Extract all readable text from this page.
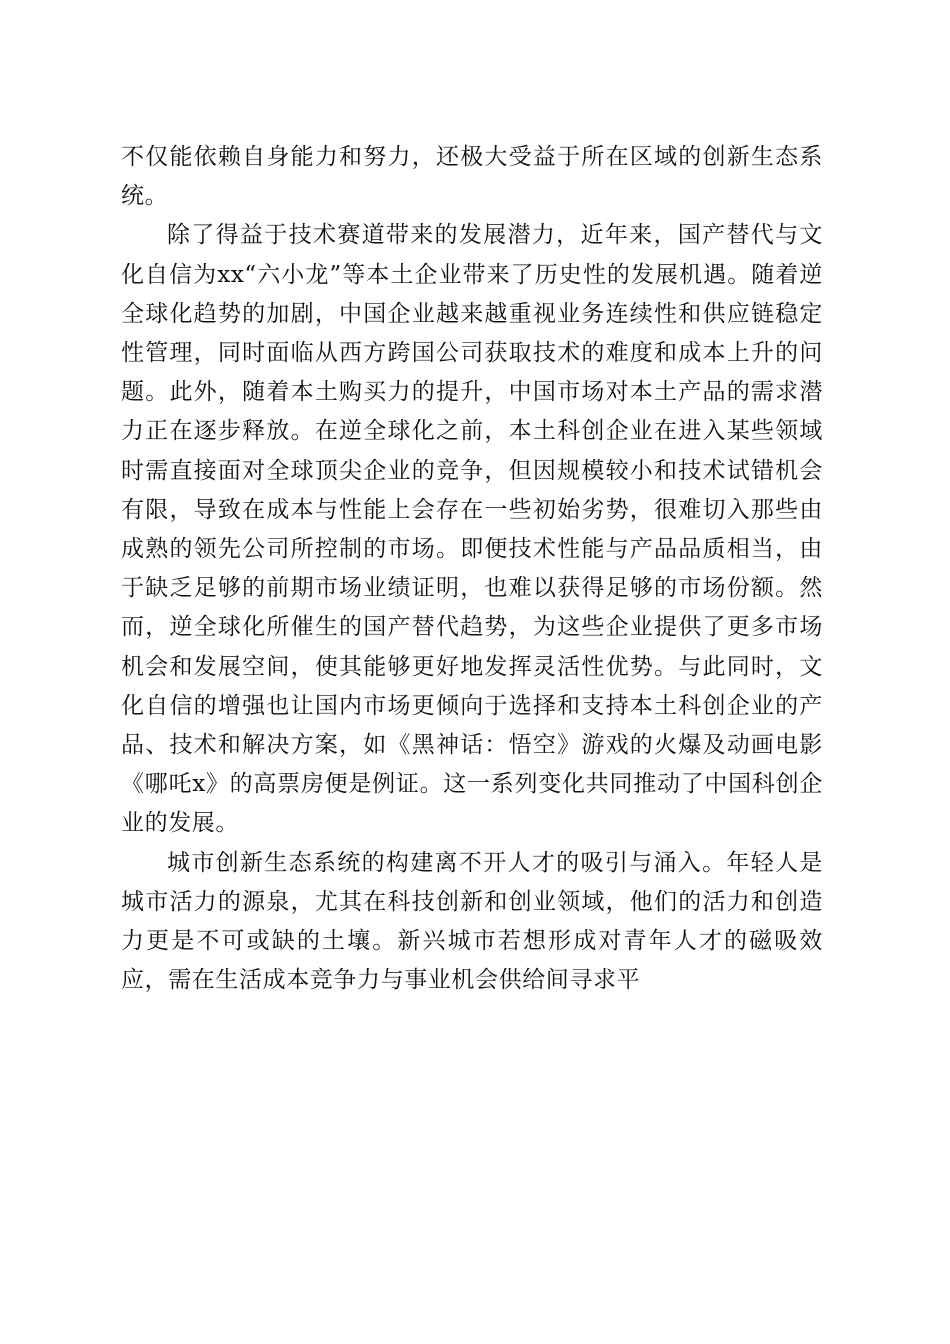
不仅能依赖自身能力和努力，还极大受益于所在区域的创新生态系统。

除了得益于技术赛道带来的发展潜力，近年来，国产替代与文化自信为xx“六小龙”等本土企业带来了历史性的发展机遇。随着逆全球化趋势的加剧，中国企业越来越重视业务连续性和供应链稳定性管理，同时面临从西方跨国公司获取技术的难度和成本上升的问题。此外，随着本土购买力的提升，中国市场对本土产品的需求潜力正在逐步释放。在逆全球化之前，本土科创企业在进入某些领域时需直接面对全球顶尖企业的竞争，但因规模较小和技术试错机会有限，导致在成本与性能上会存在一些初始劣势，很难切入那些由成熟的领先公司所控制的市场。即便技术性能与产品品质相当，由于缺乏足够的前期市场业绩证明，也难以获得足够的市场份额。然而，逆全球化所催生的国产替代趋势，为这些企业提供了更多市场机会和发展空间，使其能够更好地发挥灵活性优势。与此同时，文化自信的增强也让国内市场更倾向于选择和支持本土科创企业的产品、技术和解决方案，如《黑神话：悟空》游戏的火爆及动画电影《哪吒x》的高票房便是例证。这一系列变化共同推动了中国科创企业的发展。

城市创新生态系统的构建离不开人才的吸引与涌入。年轻人是城市活力的源泉，尤其在科技创新和创业领域，他们的活力和创造力更是不可或缺的土壤。新兴城市若想形成对青年人才的磁吸效应，需在生活成本竞争力与事业机会供给间寻求平
